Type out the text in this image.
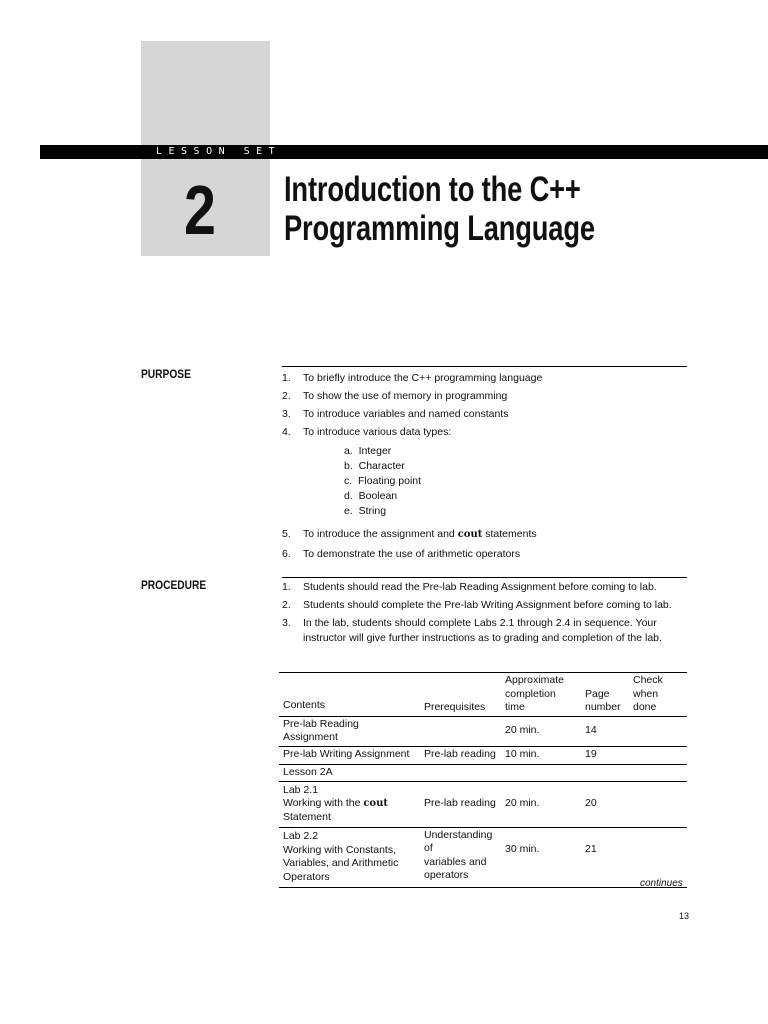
LESSON SET
2 Introduction to the C++ Programming Language
PURPOSE	1. To briefly introduce the C++ programming language
2. To show the use of memory in programming
3. To introduce variables and named constants
4. To introduce various data types:
a. Integer
b. Character
c. Floating point
d. Boolean
e. String
5. To introduce the assignment and cout statements
6. To demonstrate the use of arithmetic operators
PROCEDURE	1. Students should read the Pre-lab Reading Assignment before coming to lab.
2. Students should complete the Pre-lab Writing Assignment before coming to lab.
3. In the lab, students should complete Labs 2.1 through 2.4 in sequence. Your instructor will give further instructions as to grading and completion of the lab.
Contents	Prerequisites	Approximate completion time	Page number	Check when done
Pre-lab Reading Assignment		20 min.	14	
Pre-lab Writing Assignment	Pre-lab reading	10 min.	19	
Lesson 2A				
Lab 2.1
Working with the cout
Statement	Pre-lab reading	20 min.	20	
Lab 2.2
Working with Constants,
Variables, and Arithmetic
Operators	Understanding of
variables and
operators	30 min.	21	
continues
13
